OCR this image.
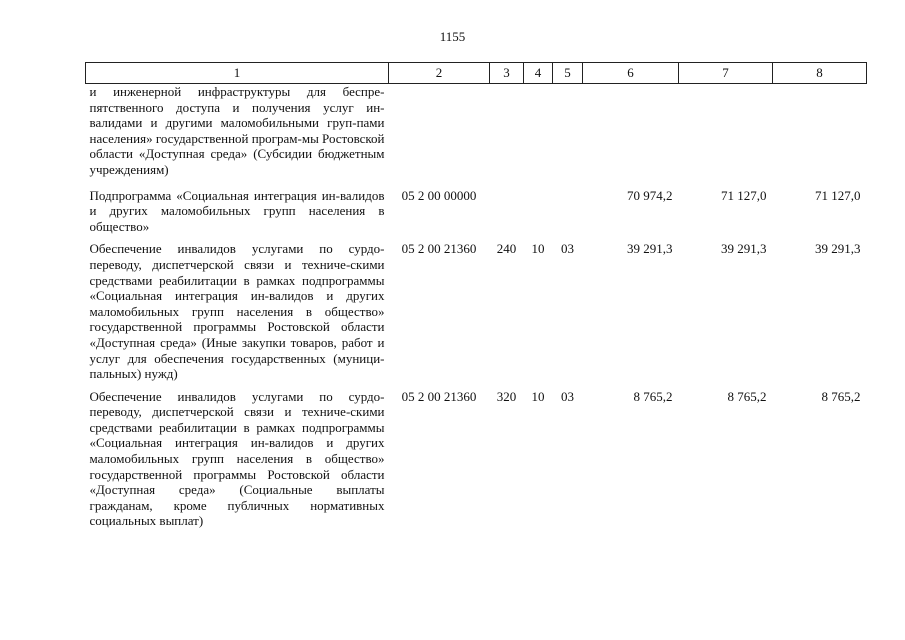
1155
1	2	3	4	5	6	7	8
и инженерной инфраструктуры для беспре-пятственного доступа и получения услуг ин-валидами и другими маломобильными груп-пами населения» государственной програм-мы Ростовской области «Доступная среда» (Субсидии бюджетным учреждениям)							
Подпрограмма «Социальная интеграция ин-валидов и других маломобильных групп населения в общество»	05 2 00 00000				70 974,2	71 127,0	71 127,0
Обеспечение инвалидов услугами по сурдо-переводу, диспетчерской связи и техниче-скими средствами реабилитации в рамках подпрограммы «Социальная интеграция ин-валидов и других маломобильных групп населения в общество» государственной программы Ростовской области «Доступная среда» (Иные закупки товаров, работ и услуг для обеспечения государственных (муници-пальных) нужд)	05 2 00 21360	240	10	03	39 291,3	39 291,3	39 291,3
Обеспечение инвалидов услугами по сурдо-переводу, диспетчерской связи и техниче-скими средствами реабилитации в рамках подпрограммы «Социальная интеграция ин-валидов и других маломобильных групп населения в общество» государственной программы Ростовской области «Доступная среда» (Социальные выплаты гражданам, кроме публичных нормативных социальных выплат)	05 2 00 21360	320	10	03	8 765,2	8 765,2	8 765,2
